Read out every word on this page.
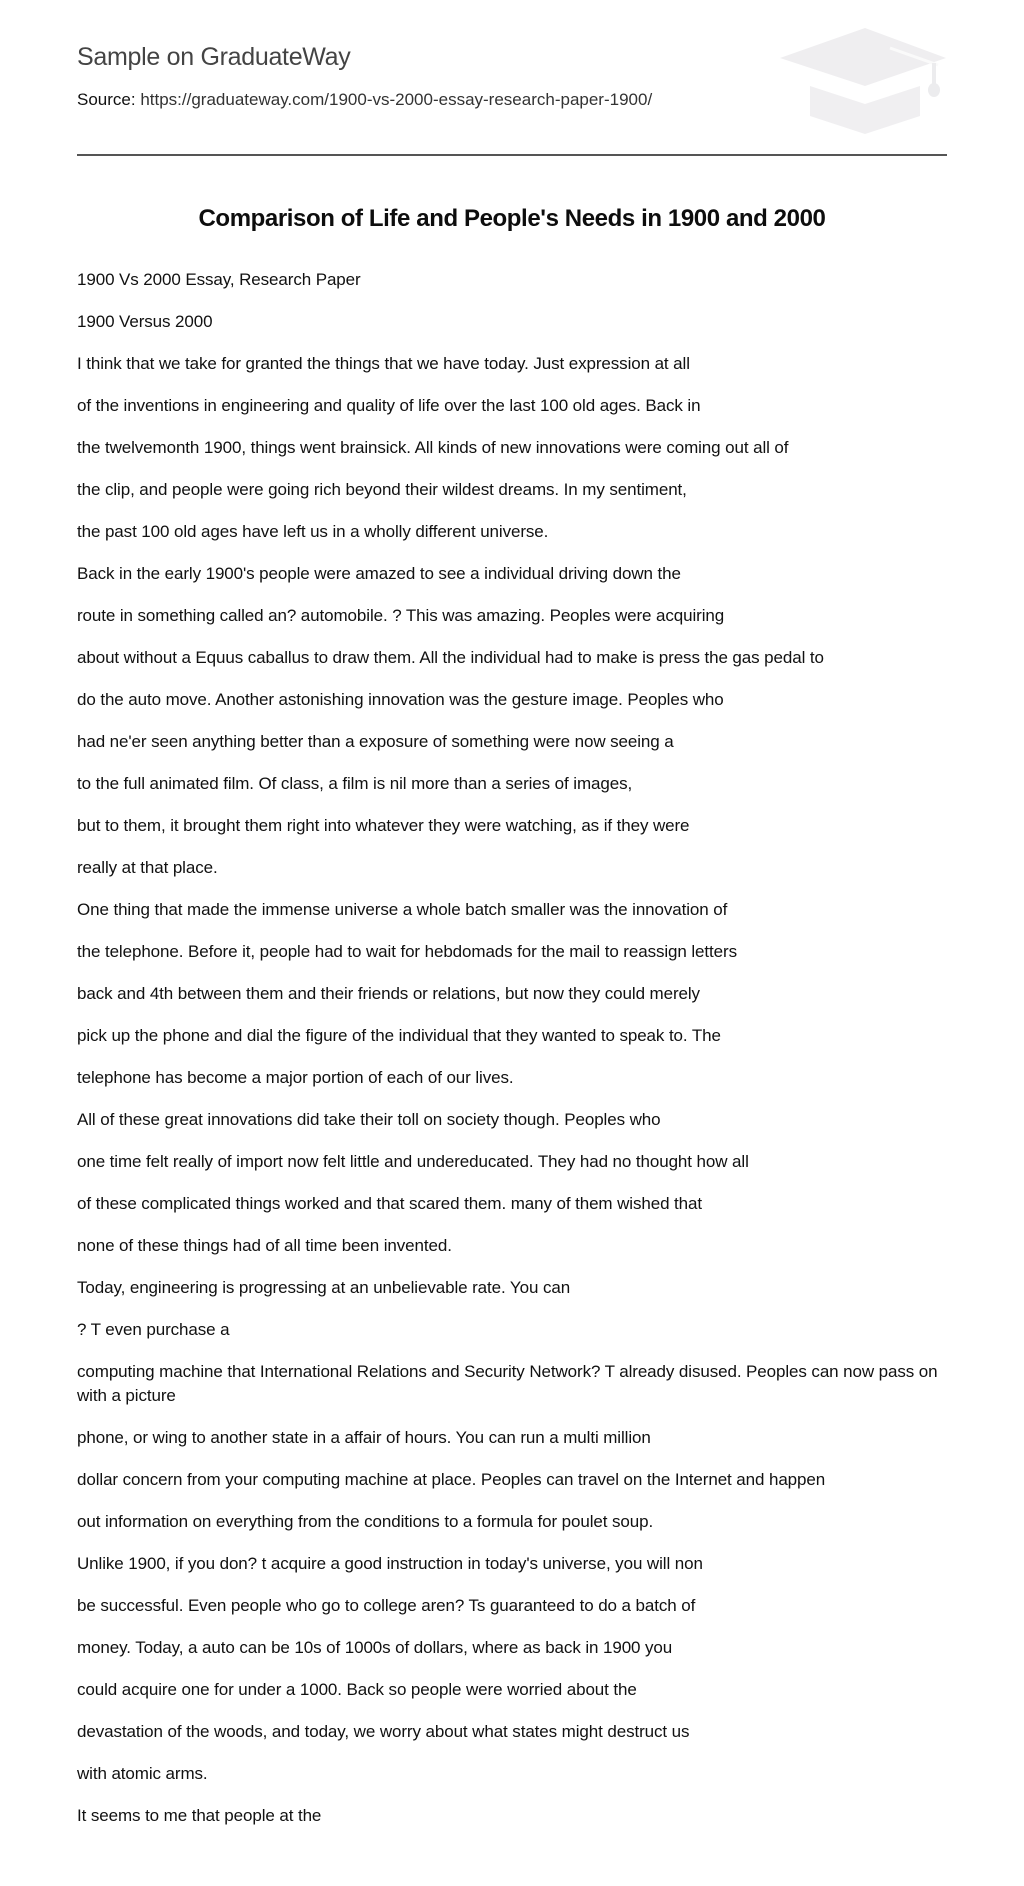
Sample on GraduateWay
Source: https://graduateway.com/1900-vs-2000-essay-research-paper-1900/
Comparison of Life and People's Needs in 1900 and 2000

1900 Vs 2000 Essay, Research Paper

1900 Versus 2000

I think that we take for granted the things that we have today. Just expression at all

of the inventions in engineering and quality of life over the last 100 old ages. Back in

the twelvemonth 1900, things went brainsick. All kinds of new innovations were coming out all of

the clip, and people were going rich beyond their wildest dreams. In my sentiment,

the past 100 old ages have left us in a wholly different universe.

Back in the early 1900's people were amazed to see a individual driving down the

route in something called an? automobile. ? This was amazing. Peoples were acquiring

about without a Equus caballus to draw them. All the individual had to make is press the gas pedal to

do the auto move. Another astonishing innovation was the gesture image. Peoples who

had ne'er seen anything better than a exposure of something were now seeing a

to the full animated film. Of class, a film is nil more than a series of images,

but to them, it brought them right into whatever they were watching, as if they were

really at that place.

One thing that made the immense universe a whole batch smaller was the innovation of

the telephone. Before it, people had to wait for hebdomads for the mail to reassign letters

back and 4th between them and their friends or relations, but now they could merely

pick up the phone and dial the figure of the individual that they wanted to speak to. The

telephone has become a major portion of each of our lives.

All of these great innovations did take their toll on society though. Peoples who

one time felt really of import now felt little and undereducated. They had no thought how all

of these complicated things worked and that scared them. many of them wished that

none of these things had of all time been invented.

Today, engineering is progressing at an unbelievable rate. You can

? T even purchase a

computing machine that International Relations and Security Network? T already disused. Peoples can now pass on with a picture

phone, or wing to another state in a affair of hours. You can run a multi million

dollar concern from your computing machine at place. Peoples can travel on the Internet and happen

out information on everything from the conditions to a formula for poulet soup.

Unlike 1900, if you don? t acquire a good instruction in today's universe, you will non

be successful. Even people who go to college aren? Ts guaranteed to do a batch of

money. Today, a auto can be 10s of 1000s of dollars, where as back in 1900 you

could acquire one for under a 1000. Back so people were worried about the

devastation of the woods, and today, we worry about what states might destruct us

with atomic arms.

It seems to me that people at the
